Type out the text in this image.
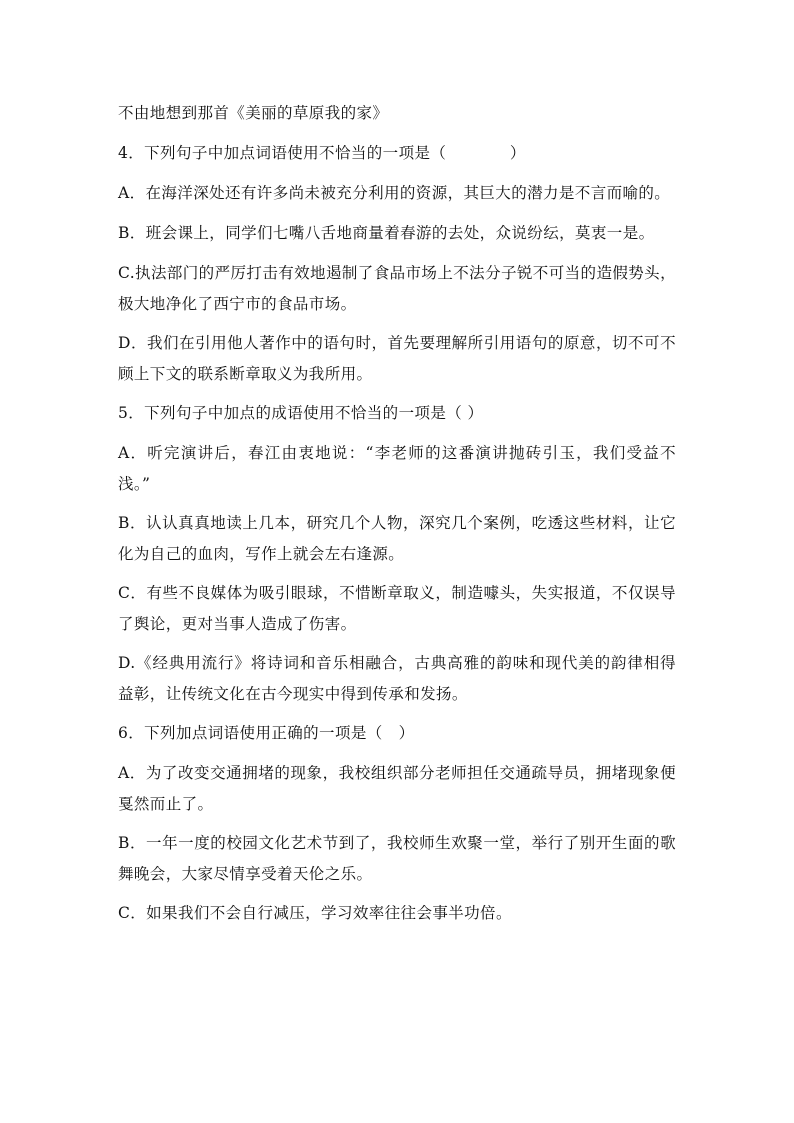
不由地想到那首《美丽的草原我的家》

4．下列句子中加点词语使用不恰当的一项是（　　　　）

A．在海洋深处还有许多尚未被充分利用的资源，其巨大的潜力是不言而喻的。

B．班会课上，同学们七嘴八舌地商量着春游的去处，众说纷纭，莫衷一是。

C.执法部门的严厉打击有效地遏制了食品市场上不法分子锐不可当的造假势头，极大地净化了西宁市的食品市场。

D．我们在引用他人著作中的语句时，首先要理解所引用语句的原意，切不可不顾上下文的联系断章取义为我所用。

5．下列句子中加点的成语使用不恰当的一项是（ ）

A．听完演讲后，春江由衷地说：“李老师的这番演讲抛砖引玉，我们受益不浅。”

B．认认真真地读上几本，研究几个人物，深究几个案例，吃透这些材料，让它化为自己的血肉，写作上就会左右逢源。

C．有些不良媒体为吸引眼球，不惜断章取义，制造噱头，失实报道，不仅误导了舆论，更对当事人造成了伤害。

D.《经典用流行》将诗词和音乐相融合，古典高雅的韵味和现代美的韵律相得益彰，让传统文化在古今现实中得到传承和发扬。

6．下列加点词语使用正确的一项是（　）

A．为了改变交通拥堵的现象，我校组织部分老师担任交通疏导员，拥堵现象便戛然而止了。

B．一年一度的校园文化艺术节到了，我校师生欢聚一堂，举行了别开生面的歌舞晚会，大家尽情享受着天伦之乐。

C．如果我们不会自行减压，学习效率往往会事半功倍。
